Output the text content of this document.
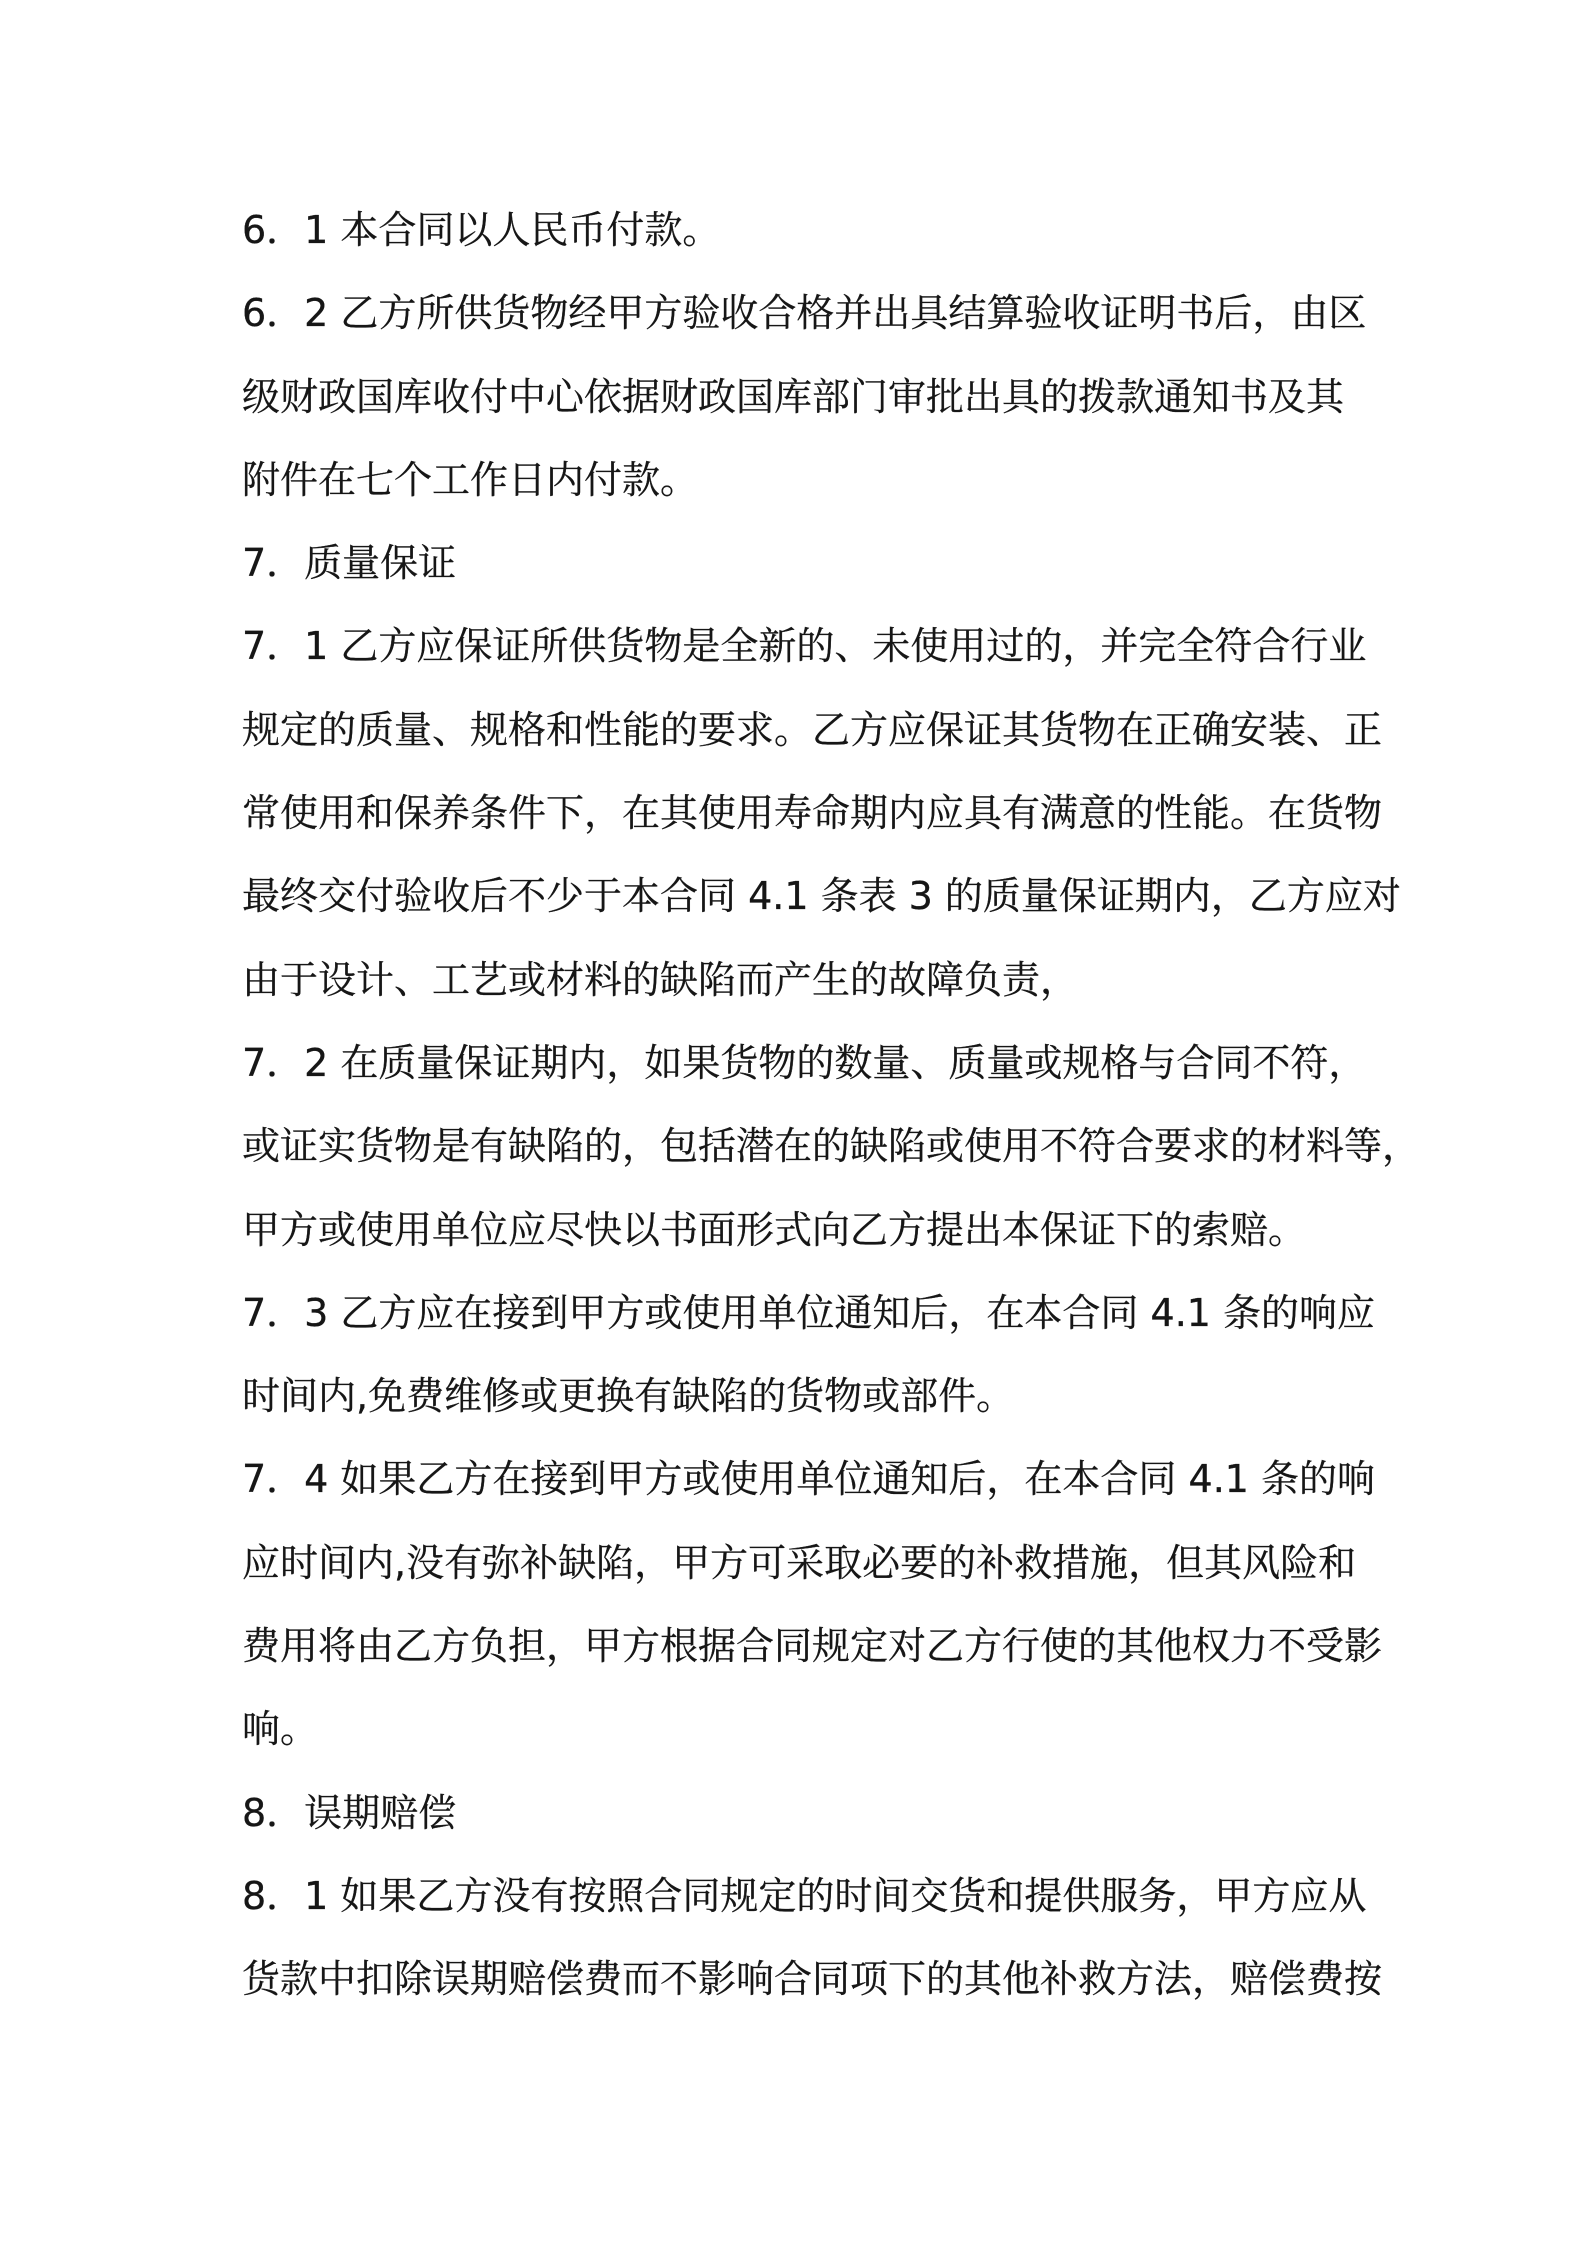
6．1 本合同以人民币付款。
6．2 乙方所供货物经甲方验收合格并出具结算验收证明书后，由区
级财政国库收付中心依据财政国库部门审批出具的拨款通知书及其
附件在七个工作日内付款。
7．质量保证
7．1 乙方应保证所供货物是全新的、未使用过的，并完全符合行业
规定的质量、规格和性能的要求。乙方应保证其货物在正确安装、正
常使用和保养条件下，在其使用寿命期内应具有满意的性能。在货物
最终交付验收后不少于本合同 4.1 条表 3 的质量保证期内，乙方应对
由于设计、工艺或材料的缺陷而产生的故障负责，
7．2 在质量保证期内，如果货物的数量、质量或规格与合同不符，
或证实货物是有缺陷的，包括潜在的缺陷或使用不符合要求的材料等，
甲方或使用单位应尽快以书面形式向乙方提出本保证下的索赔。
7．3 乙方应在接到甲方或使用单位通知后，在本合同 4.1 条的响应
时间内,免费维修或更换有缺陷的货物或部件。
7．4 如果乙方在接到甲方或使用单位通知后，在本合同 4.1 条的响
应时间内,没有弥补缺陷，甲方可采取必要的补救措施，但其风险和
费用将由乙方负担，甲方根据合同规定对乙方行使的其他权力不受影
响。
8．误期赔偿
8．1 如果乙方没有按照合同规定的时间交货和提供服务，甲方应从
货款中扣除误期赔偿费而不影响合同项下的其他补救方法，赔偿费按
